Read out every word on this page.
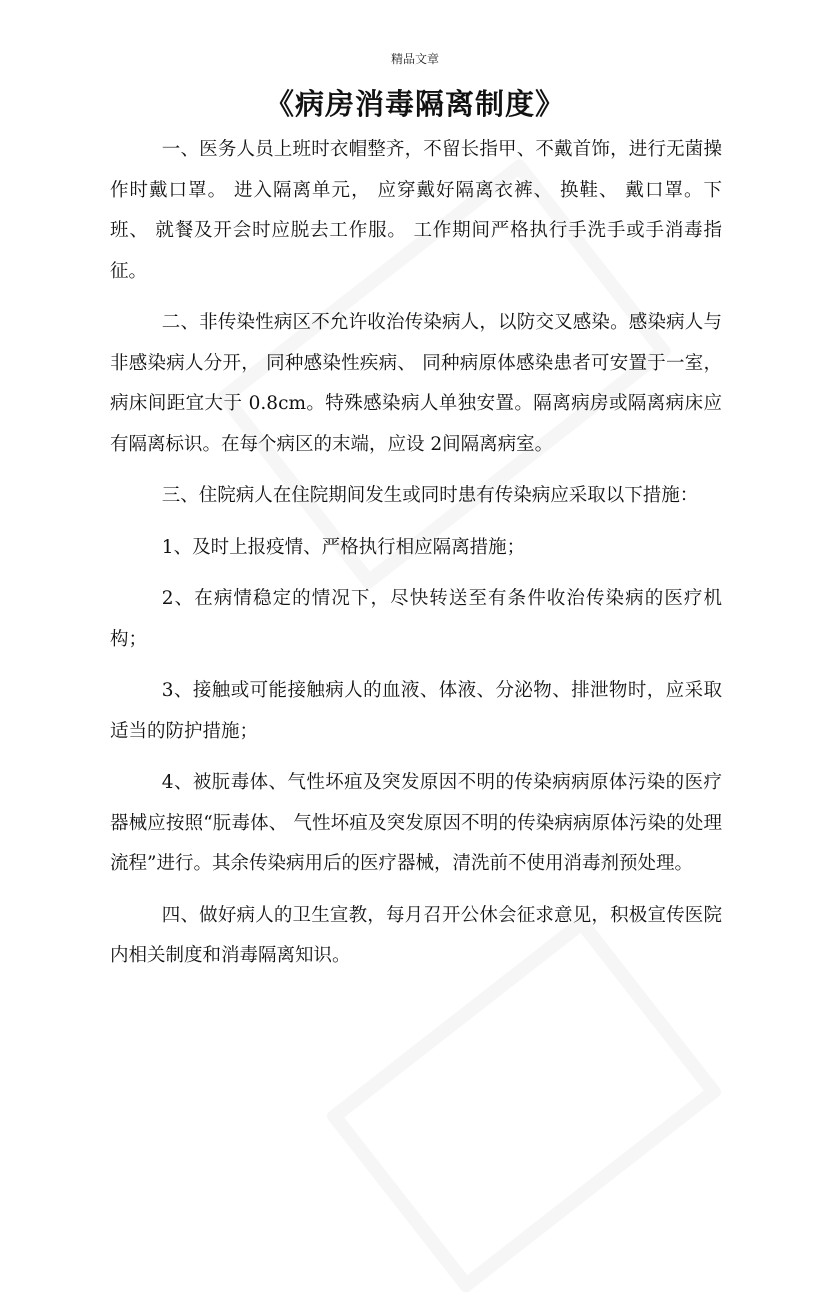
精品文章
《病房消毒隔离制度》

一、医务人员上班时衣帽整齐，不留长指甲、不戴首饰，进行无菌操作时戴口罩。 进入隔离单元， 应穿戴好隔离衣裤、 换鞋、 戴口罩。下班、 就餐及开会时应脱去工作服。 工作期间严格执行手洗手或手消毒指征。

二、非传染性病区不允许收治传染病人，以防交叉感染。感染病人与非感染病人分开， 同种感染性疾病、 同种病原体感染患者可安置于一室，病床间距宜大于 0.8cm。特殊感染病人单独安置。隔离病房或隔离病床应有隔离标识。在每个病区的末端，应设 2间隔离病室。

三、住院病人在住院期间发生或同时患有传染病应采取以下措施：

1、及时上报疫情、严格执行相应隔离措施；

2、在病情稳定的情况下，尽快转送至有条件收治传染病的医疗机构；

3、接触或可能接触病人的血液、体液、分泌物、排泄物时，应采取适当的防护措施；

4、被朊毒体、气性坏疽及突发原因不明的传染病病原体污染的医疗器械应按照“朊毒体、 气性坏疽及突发原因不明的传染病病原体污染的处理流程”进行。其余传染病用后的医疗器械，清洗前不使用消毒剂预处理。

四、做好病人的卫生宣教，每月召开公休会征求意见，积极宣传医院内相关制度和消毒隔离知识。
